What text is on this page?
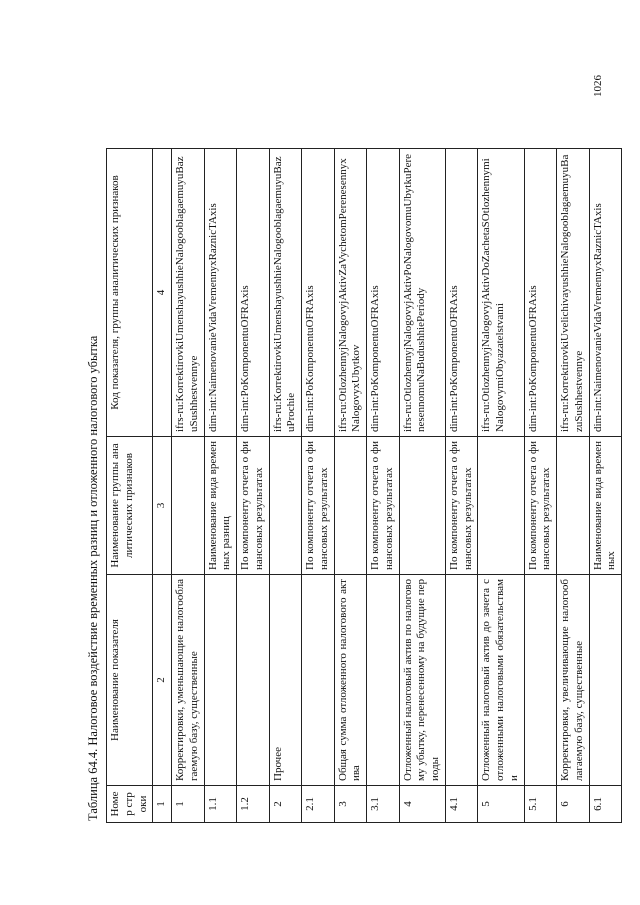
Таблица 64.4. Налоговое воздействие временных разниц и отложенного налогового убытка Номер строки	Наименование показателя	Наименование группы аналитических признаков	Код показателя, группы аналитических признаков
1	2	3	4
1	Корректировки, уменьшающие налогооблагаемую базу, существенные		ifrs-ru:KorrektirovkiUmenshayushhieNalogooblagaemuyuBazuSushhestvennye
1.1		Наименование вида временных разниц	dim-int:NaimenovanieVidaVremennyxRaznicTAxis
1.2		По компоненту отчета о финансовых результатах	dim-int:PoKomponentuOFRAxis
2	Прочее		ifrs-ru:KorrektirovkiUmenshayushhieNalogooblagaemuyuBazuProchie
2.1		По компоненту отчета о финансовых результатах	dim-int:PoKomponentuOFRAxis
3	Общая сумма отложенного налогового актива		ifrs-ru:OtlozhennyjNalogovyjAktivZaVychetomPerenesennyxNalogovyxUbytkov
3.1		По компоненту отчета о финансовых результатах	dim-int:PoKomponentuOFRAxis
4	Отложенный налоговый актив по налоговому убытку, перенесенному на будущие периоды		ifrs-ru:OtlozhennyjNalogovyjAktivPoNalogovomuUbytkuPerenesennomuNaBudushhiePeriody
4.1		По компоненту отчета о финансовых результатах	dim-int:PoKomponentuOFRAxis
5	Отложенный налоговый актив до зачета с отложенными налоговыми обязательствами		ifrs-ru:OtlozhennyjNalogovyjAktivDoZachetaSOtlozhennymiNalogovymiObyazatelstvami
5.1		По компоненту отчета о финансовых результатах	dim-int:PoKomponentuOFRAxis
6	Корректировки, увеличивающие налогооблагаемую базу, существенные		ifrs-ru:KorrektirovkiUvelichivayushhieNalogooblagaemuyuBazuSushhestvennye
6.1		Наименование вида временных	dim-int:NaimenovanieVidaVremennyxRaznicTAxis
1026
